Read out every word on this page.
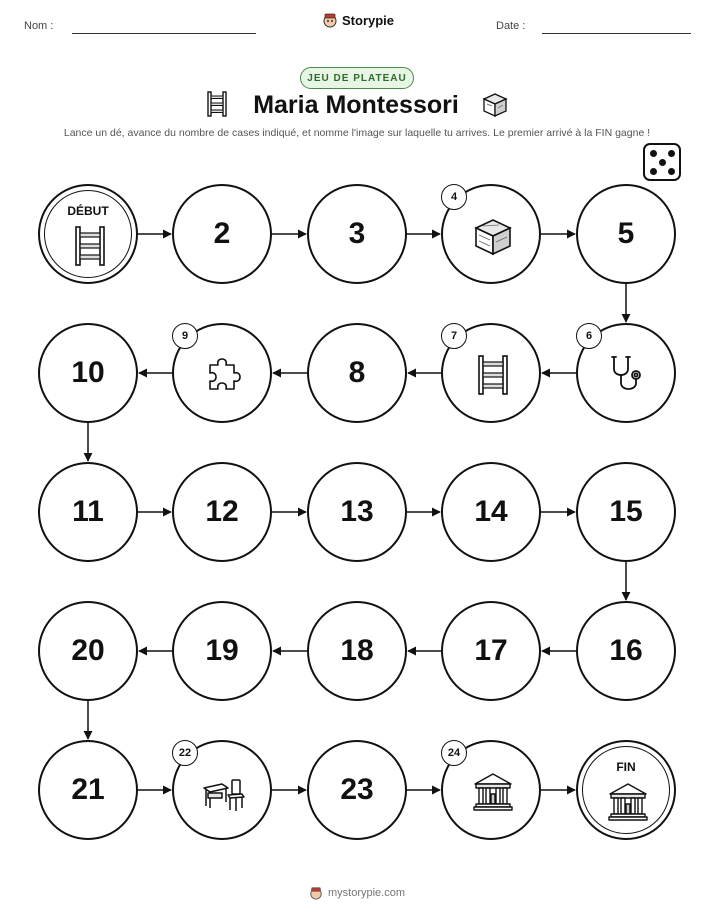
Nom :	Storypie	Date :
JEU DE PLATEAU
Maria Montessori
Lance un dé, avance du nombre de cases indiqué, et nomme l'image sur laquelle tu arrives. Le premier arrivé à la FIN gagne !
DÉBUT
2	3
4
5
6
7
8
9
10
11	12	13	14	15
16
17
18
19
20
21
22
23
24
FIN
mystorypie.com
